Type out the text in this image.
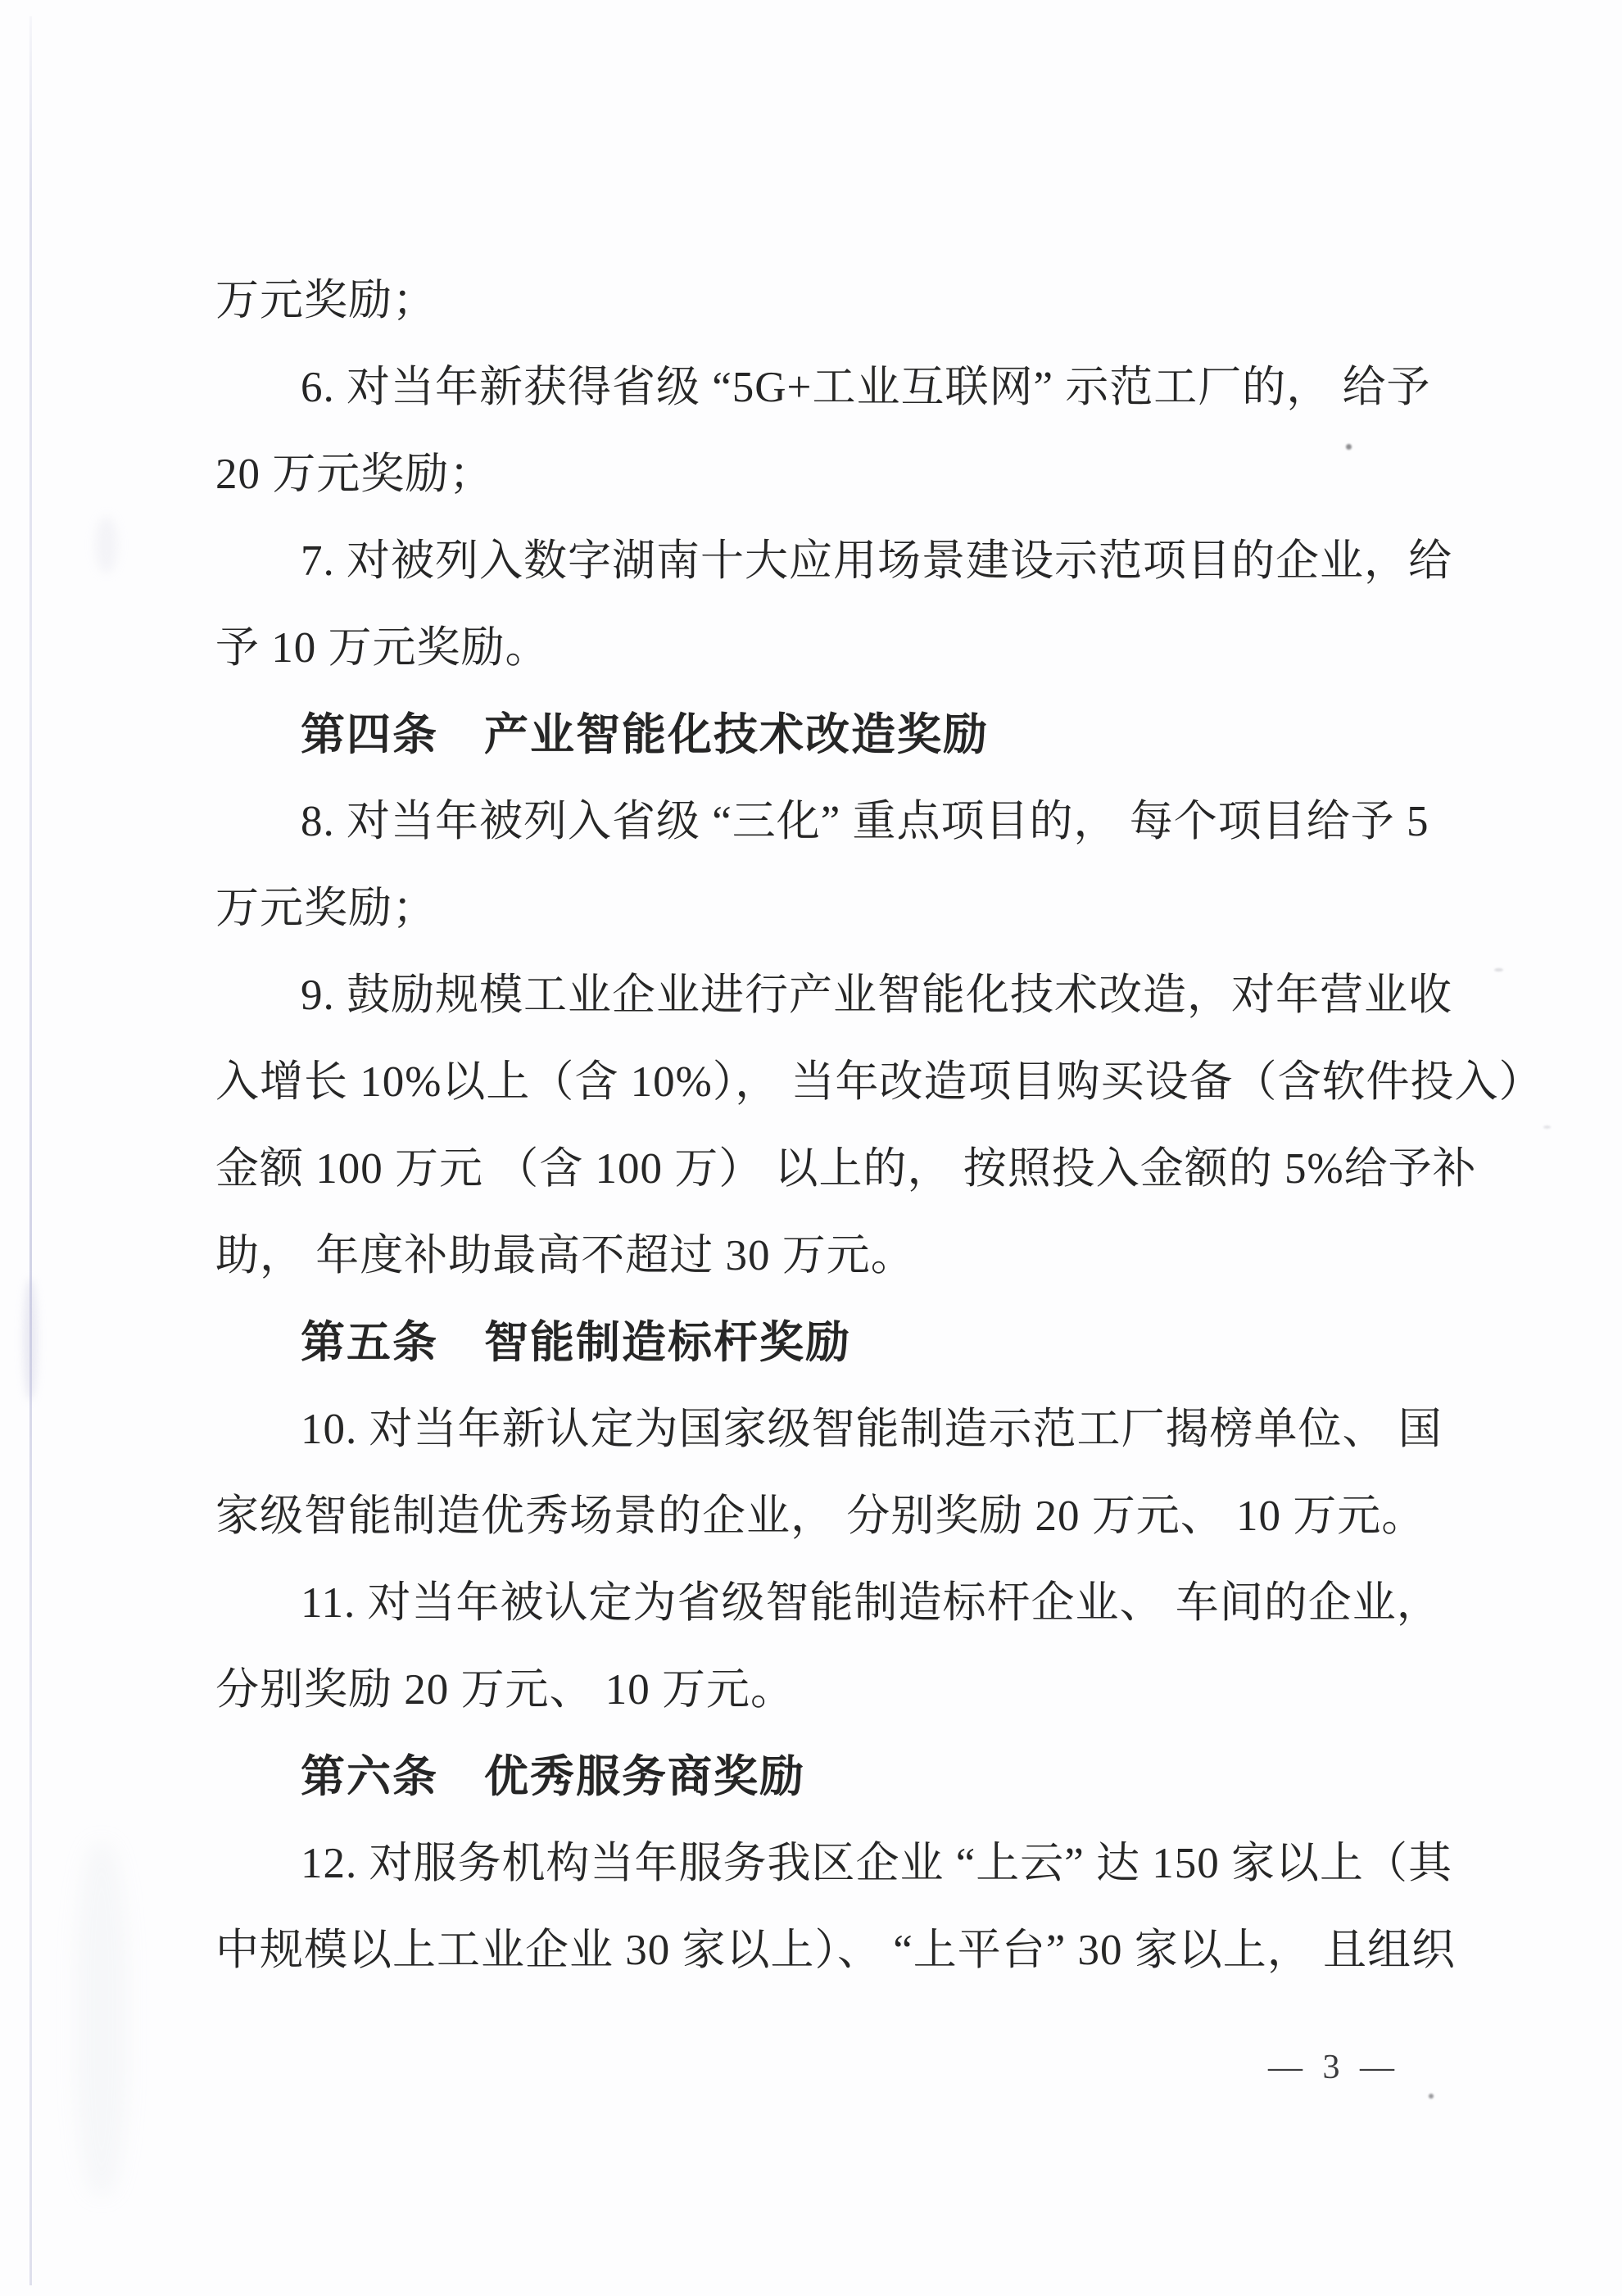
万元奖励；
6. 对当年新获得省级 “5G+工业互联网” 示范工厂的， 给予
20 万元奖励；
7. 对被列入数字湖南十大应用场景建设示范项目的企业，给
予 10 万元奖励。
第四条　产业智能化技术改造奖励
8. 对当年被列入省级 “三化” 重点项目的， 每个项目给予 5
万元奖励；
9. 鼓励规模工业企业进行产业智能化技术改造，对年营业收
入增长 10%以上（含 10%）， 当年改造项目购买设备（含软件投入）
金额 100 万元 （含 100 万） 以上的， 按照投入金额的 5%给予补
助， 年度补助最高不超过 30 万元。
第五条　智能制造标杆奖励
10. 对当年新认定为国家级智能制造示范工厂揭榜单位、 国
家级智能制造优秀场景的企业， 分别奖励 20 万元、 10 万元。
11. 对当年被认定为省级智能制造标杆企业、 车间的企业，
分别奖励 20 万元、 10 万元。
第六条　优秀服务商奖励
12. 对服务机构当年服务我区企业 “上云” 达 150 家以上（其
中规模以上工业企业 30 家以上）、 “上平台” 30 家以上， 且组织
— 3 —
